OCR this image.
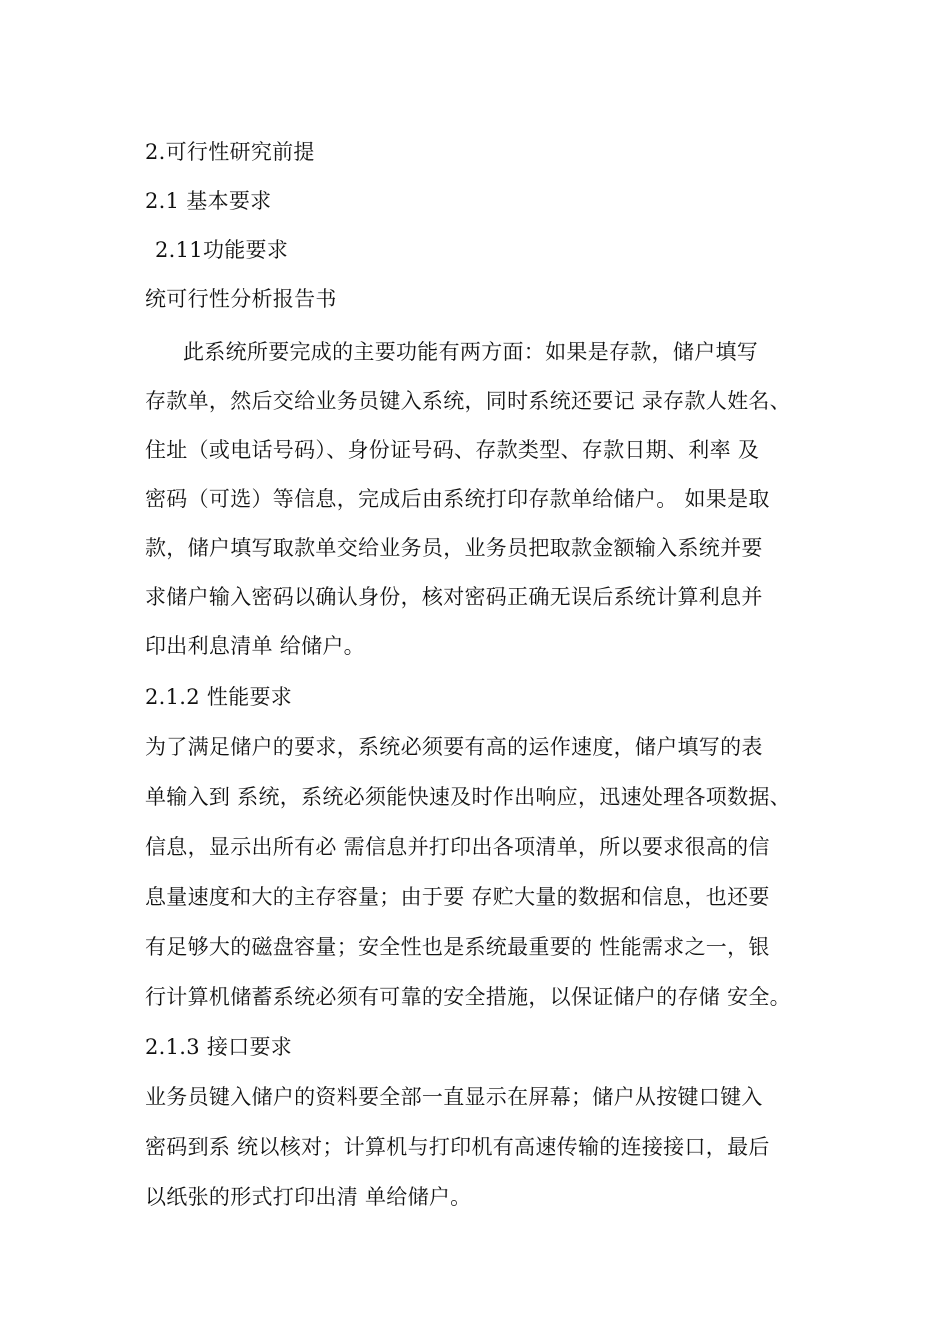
2.可行性研究前提
2.1 基本要求
2.11功能要求
统可行性分析报告书
此系统所要完成的主要功能有两方面：如果是存款，储户填写
存款单，然后交给业务员键入系统，同时系统还要记 录存款人姓名、
住址（或电话号码）、身份证号码、存款类型、存款日期、利率 及
密码（可选）等信息，完成后由系统打印存款单给储户。 如果是取
款，储户填写取款单交给业务员，业务员把取款金额输入系统并要
求储户输入密码以确认身份，核对密码正确无误后系统计算利息并
印出利息清单 给储户。
2.1.2 性能要求
为了满足储户的要求，系统必须要有高的运作速度，储户填写的表
单输入到 系统，系统必须能快速及时作出响应，迅速处理各项数据、
信息，显示出所有必 需信息并打印出各项清单，所以要求很高的信
息量速度和大的主存容量；由于要 存贮大量的数据和信息，也还要
有足够大的磁盘容量；安全性也是系统最重要的 性能需求之一，银
行计算机储蓄系统必须有可靠的安全措施，以保证储户的存储 安全。
2.1.3 接口要求
业务员键入储户的资料要全部一直显示在屏幕；储户从按键口键入
密码到系 统以核对；计算机与打印机有高速传输的连接接口，最后
以纸张的形式打印出清 单给储户。
